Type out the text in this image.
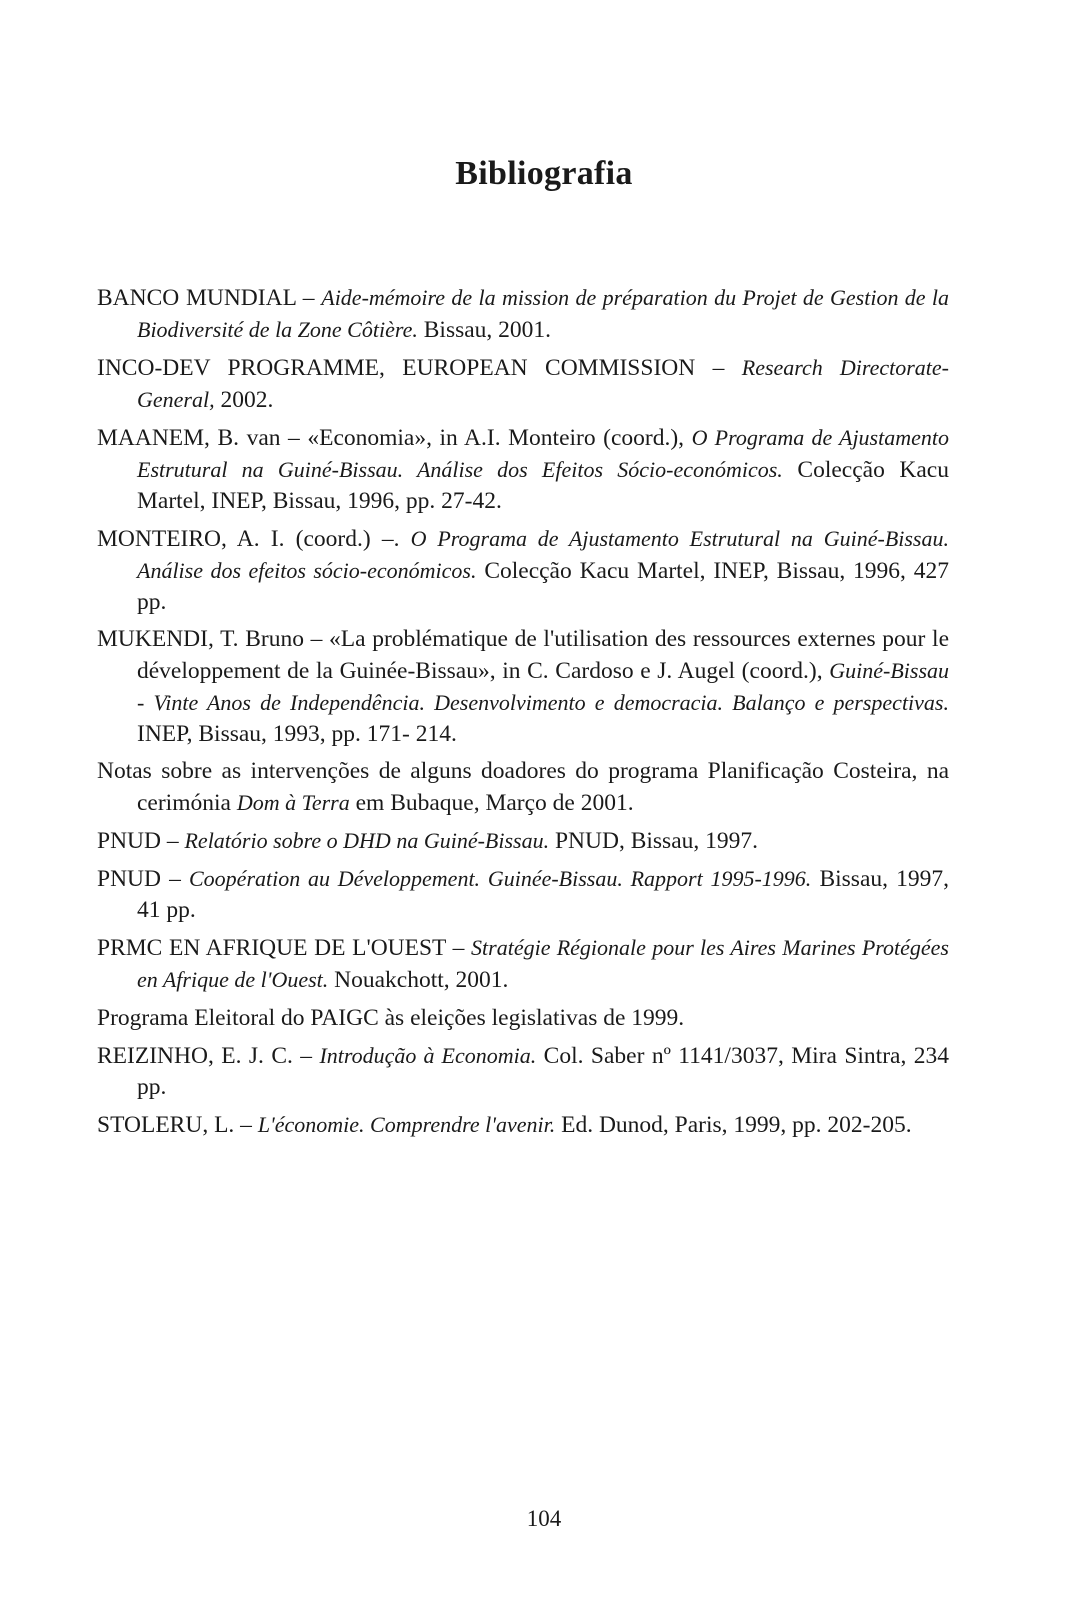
Bibliografia

BANCO MUNDIAL – Aide-mémoire de la mission de préparation du Projet de Gestion de la Biodiversité de la Zone Côtière. Bissau, 2001.

INCO-DEV PROGRAMME, EUROPEAN COMMISSION – Research Directorate-General, 2002.

MAANEM, B. van – «Economia», in A.I. Monteiro (coord.), O Programa de Ajustamento Estrutural na Guiné-Bissau. Análise dos Efeitos Sócio-económicos. Colecção Kacu Martel, INEP, Bissau, 1996, pp. 27-42.

MONTEIRO, A. I. (coord.) –. O Programa de Ajustamento Estrutural na Guiné-Bissau. Análise dos efeitos sócio-económicos. Colecção Kacu Martel, INEP, Bissau, 1996, 427 pp.

MUKENDI, T. Bruno – «La problématique de l'utilisation des ressources externes pour le développement de la Guinée-Bissau», in C. Cardoso e J. Augel (coord.), Guiné-Bissau - Vinte Anos de Independência. Desenvolvimento e democracia. Balanço e perspectivas. INEP, Bissau, 1993, pp. 171- 214.

Notas sobre as intervenções de alguns doadores do programa Planificação Costeira, na cerimónia Dom à Terra em Bubaque, Março de 2001.

PNUD – Relatório sobre o DHD na Guiné-Bissau. PNUD, Bissau, 1997.

PNUD – Coopération au Développement. Guinée-Bissau. Rapport 1995-1996. Bissau, 1997, 41 pp.

PRMC EN AFRIQUE DE L'OUEST – Stratégie Régionale pour les Aires Marines Protégées en Afrique de l'Ouest. Nouakchott, 2001.

Programa Eleitoral do PAIGC às eleições legislativas de 1999.

REIZINHO, E. J. C. – Introdução à Economia. Col. Saber nº 1141/3037, Mira Sintra, 234 pp.

STOLERU, L. – L'économie. Comprendre l'avenir. Ed. Dunod, Paris, 1999, pp. 202-205.

104
